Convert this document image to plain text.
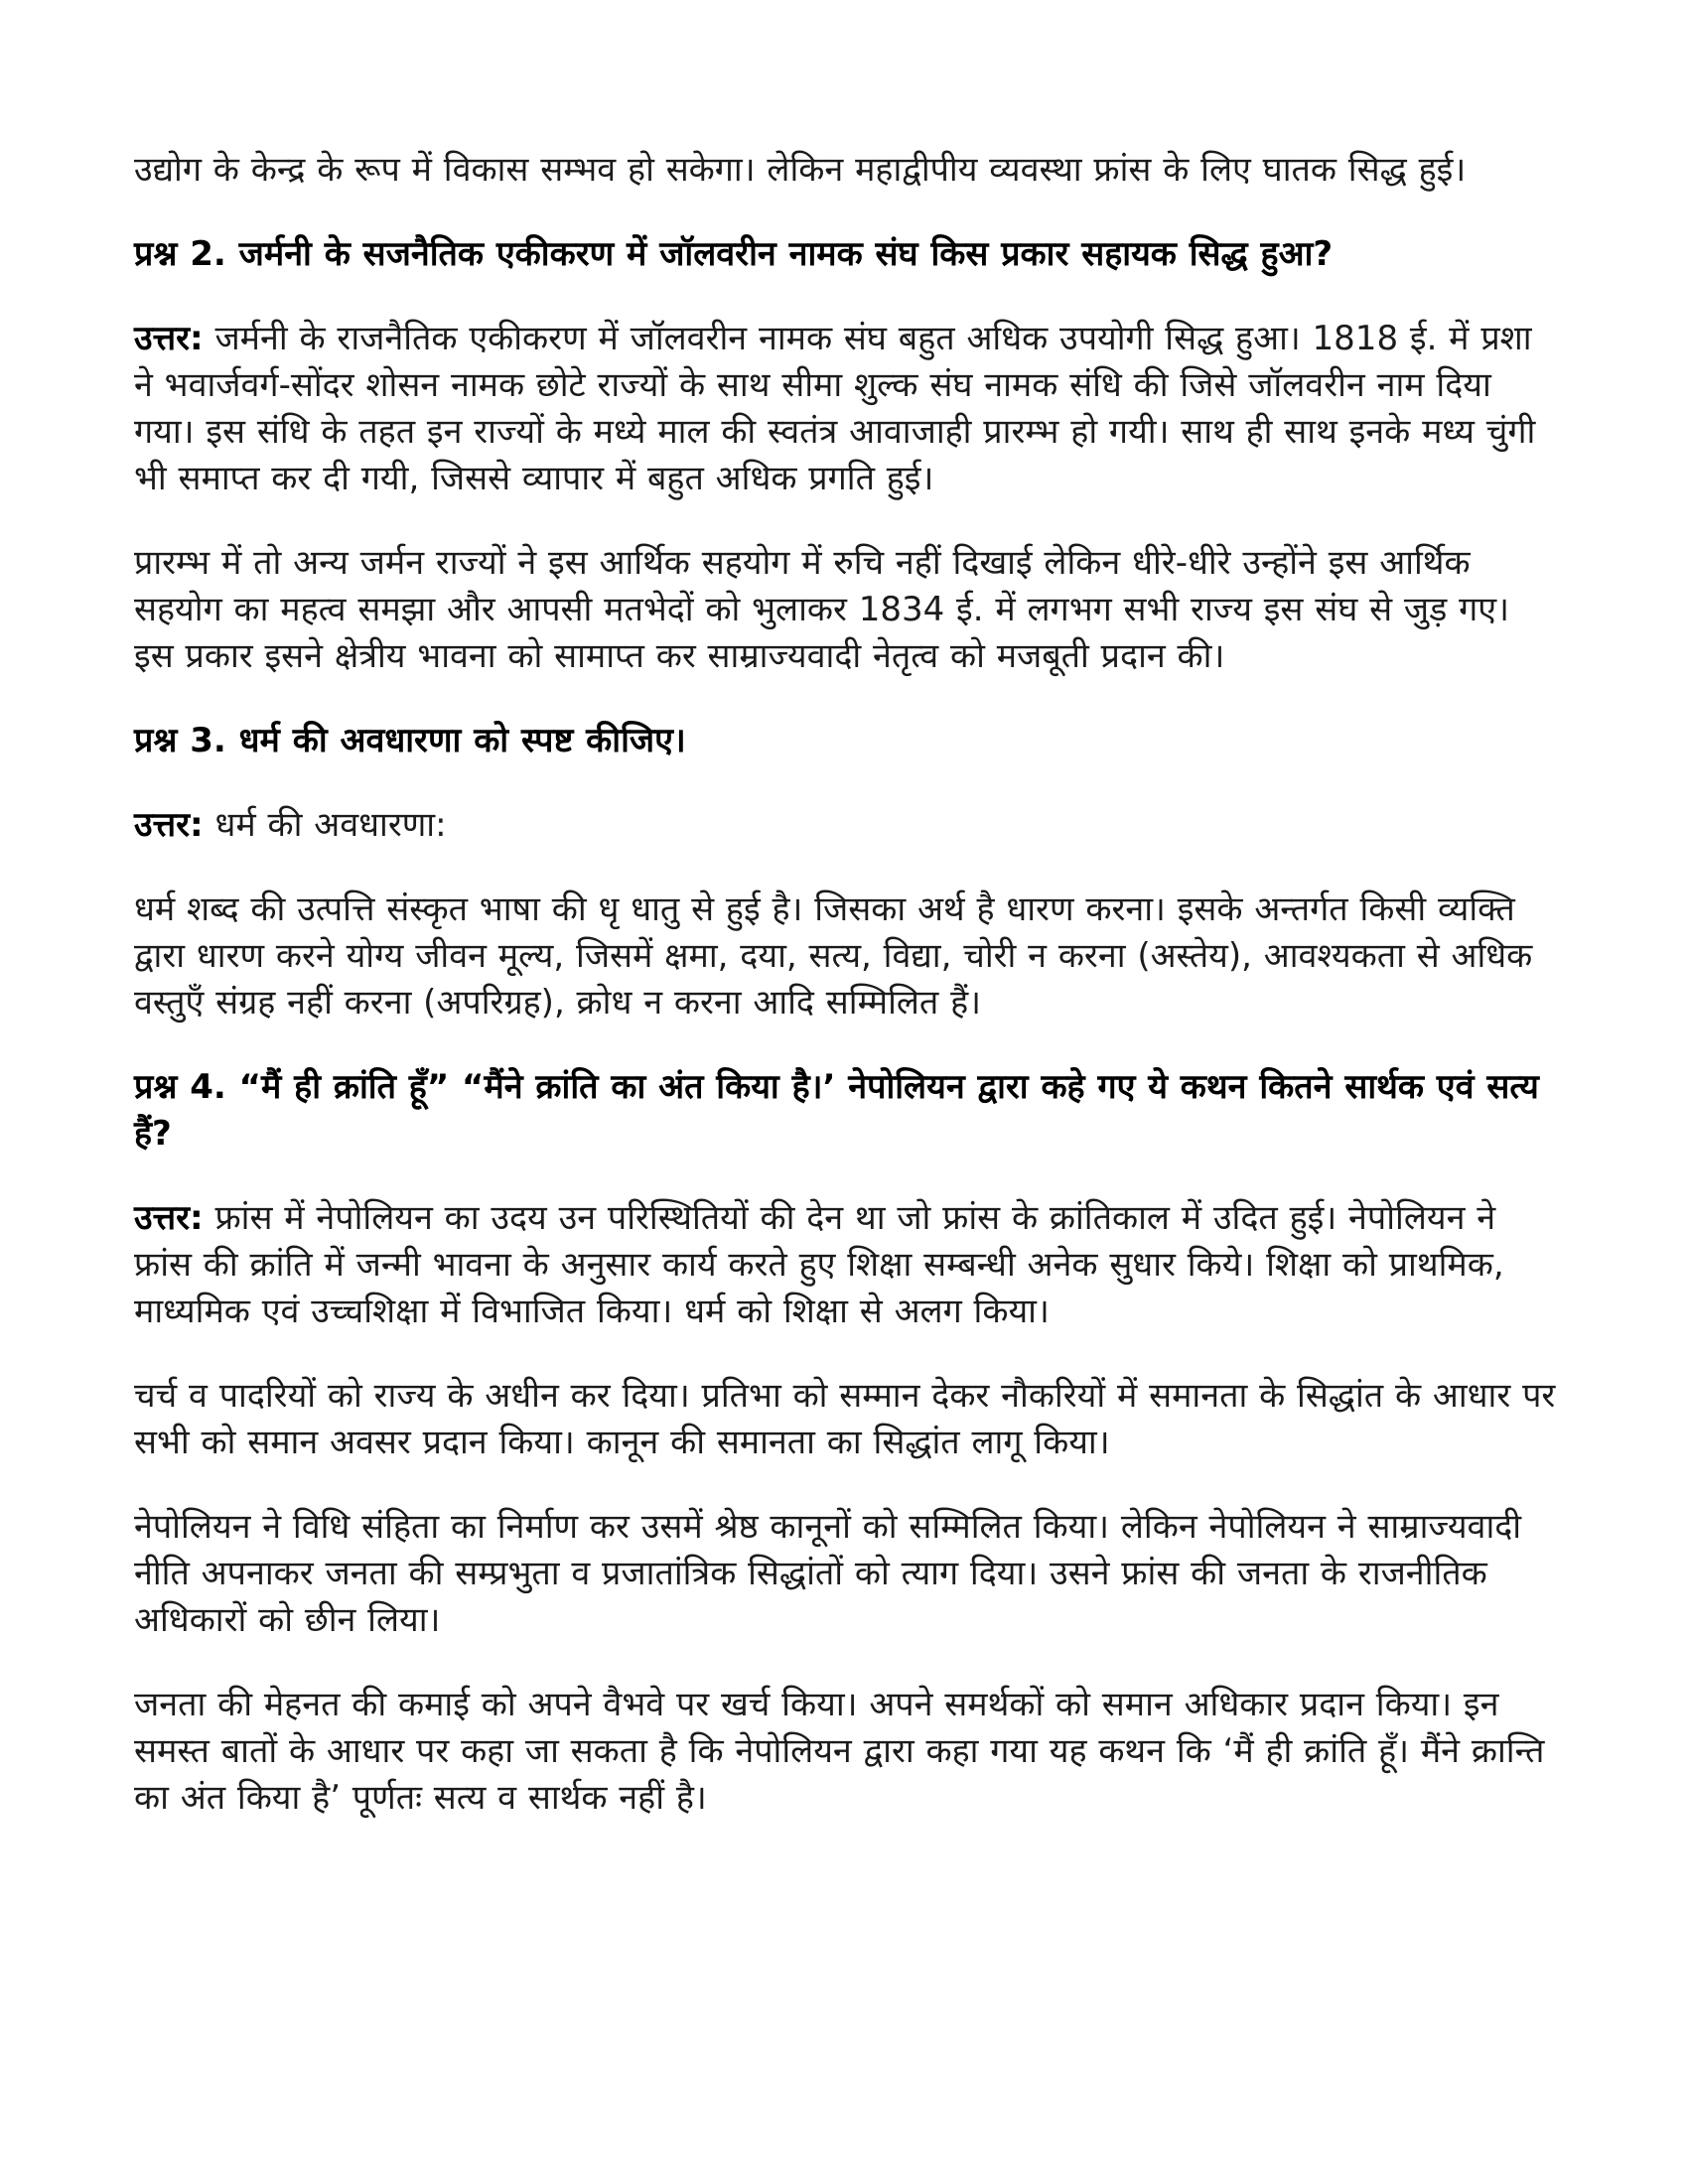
उद्योग के केन्द्र के रूप में विकास सम्भव हो सकेगा। लेकिन महाद्वीपीय व्यवस्था फ्रांस के लिए घातक सिद्ध हुई।

प्रश्न 2. जर्मनी के सजनैतिक एकीकरण में जॉलवरीन नामक संघ किस प्रकार सहायक सिद्ध हुआ?

उत्तर: जर्मनी के राजनैतिक एकीकरण में जॉलवरीन नामक संघ बहुत अधिक उपयोगी सिद्ध हुआ। 1818 ई. में प्रशा ने भवार्जवर्ग-सोंदर शोसन नामक छोटे राज्यों के साथ सीमा शुल्क संघ नामक संधि की जिसे जॉलवरीन नाम दिया गया। इस संधि के तहत इन राज्यों के मध्ये माल की स्वतंत्र आवाजाही प्रारम्भ हो गयी। साथ ही साथ इनके मध्य चुंगी भी समाप्त कर दी गयी, जिससे व्यापार में बहुत अधिक प्रगति हुई।

प्रारम्भ में तो अन्य जर्मन राज्यों ने इस आर्थिक सहयोग में रुचि नहीं दिखाई लेकिन धीरे-धीरे उन्होंने इस आर्थिक सहयोग का महत्व समझा और आपसी मतभेदों को भुलाकर 1834 ई. में लगभग सभी राज्य इस संघ से जुड़ गए। इस प्रकार इसने क्षेत्रीय भावना को सामाप्त कर साम्राज्यवादी नेतृत्व को मजबूती प्रदान की।

प्रश्न 3. धर्म की अवधारणा को स्पष्ट कीजिए।

उत्तर: धर्म की अवधारणा:

धर्म शब्द की उत्पत्ति संस्कृत भाषा की धृ धातु से हुई है। जिसका अर्थ है धारण करना। इसके अन्तर्गत किसी व्यक्ति द्वारा धारण करने योग्य जीवन मूल्य, जिसमें क्षमा, दया, सत्य, विद्या, चोरी न करना (अस्तेय), आवश्यकता से अधिक वस्तुएँ संग्रह नहीं करना (अपरिग्रह), क्रोध न करना आदि सम्मिलित हैं।

प्रश्न 4. “मैं ही क्रांति हूँ” “मैंने क्रांति का अंत किया है।’ नेपोलियन द्वारा कहे गए ये कथन कितने सार्थक एवं सत्य हैं?

उत्तर: फ्रांस में नेपोलियन का उदय उन परिस्थितियों की देन था जो फ्रांस के क्रांतिकाल में उदित हुई। नेपोलियन ने फ्रांस की क्रांति में जन्मी भावना के अनुसार कार्य करते हुए शिक्षा सम्बन्धी अनेक सुधार किये। शिक्षा को प्राथमिक, माध्यमिक एवं उच्चशिक्षा में विभाजित किया। धर्म को शिक्षा से अलग किया।

चर्च व पादरियों को राज्य के अधीन कर दिया। प्रतिभा को सम्मान देकर नौकरियों में समानता के सिद्धांत के आधार पर सभी को समान अवसर प्रदान किया। कानून की समानता का सिद्धांत लागू किया।

नेपोलियन ने विधि संहिता का निर्माण कर उसमें श्रेष्ठ कानूनों को सम्मिलित किया। लेकिन नेपोलियन ने साम्राज्यवादी नीति अपनाकर जनता की सम्प्रभुता व प्रजातांत्रिक सिद्धांतों को त्याग दिया। उसने फ्रांस की जनता के राजनीतिक अधिकारों को छीन लिया।

जनता की मेहनत की कमाई को अपने वैभवे पर खर्च किया। अपने समर्थकों को समान अधिकार प्रदान किया। इन समस्त बातों के आधार पर कहा जा सकता है कि नेपोलियन द्वारा कहा गया यह कथन कि ‘मैं ही क्रांति हूँ। मैंने क्रान्ति का अंत किया है’ पूर्णतः सत्य व सार्थक नहीं है।
